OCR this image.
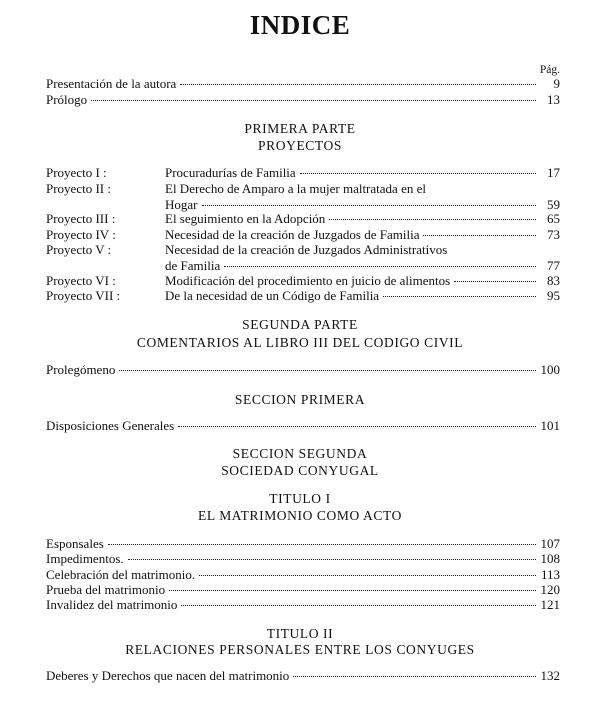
INDICE
Pág.
Presentación de la autora	9
Prólogo	13
PRIMERA PARTE
PROYECTOS
Proyecto I :	Procuradurías de Familia	17
Proyecto II :	El Derecho de Amparo a la mujer maltratada en el
Hogar	59
Proyecto III :	El seguimiento en la Adopción	65
Proyecto IV :	Necesidad de la creación de Juzgados de Familia	73
Proyecto V :	Necesidad de la creación de Juzgados Administrativos
de Familia	77
Proyecto VI :	Modificación del procedimiento en juicio de alimentos	83
Proyecto VII :	De la necesidad de un Código de Familia	95
SEGUNDA PARTE
COMENTARIOS AL LIBRO III DEL CODIGO CIVIL
Prolegómeno	100
SECCION PRIMERA
Disposiciones Generales	101
SECCION SEGUNDA
SOCIEDAD CONYUGAL
TITULO I
EL MATRIMONIO COMO ACTO
Esponsales	107
Impedimentos.	108
Celebración del matrimonio.	113
Prueba del matrimonio	120
Invalidez del matrimonio	121
TITULO II
RELACIONES PERSONALES ENTRE LOS CONYUGES
Deberes y Derechos que nacen del matrimonio	132
